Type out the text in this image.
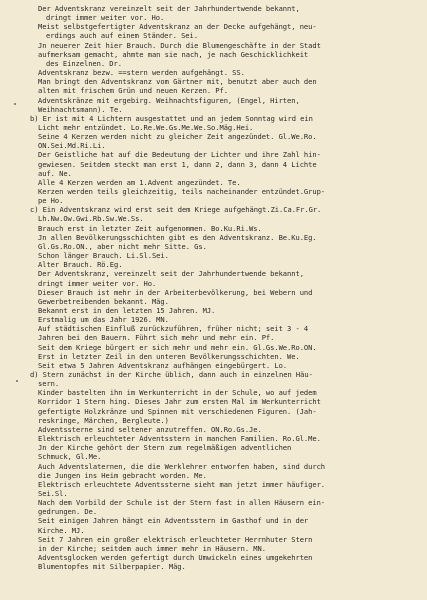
Der Adventskranz vereinzelt seit der Jahrhundertwende bekannt,
dringt immer weiter vor. Ho.
Meist selbstgefertigter Adventskranz an der Decke aufgehängt, neu-
erdings auch auf einem Ständer. Sei.
Jn neuerer Zeit hier Brauch. Durch die Blumengeschäfte in der Stadt
aufmerksam gemacht, ahmte man sie nach, je nach Geschicklichkeit
des Einzelnen. Dr.
Adventskranz bezw. ==stern werden aufgehängt. SS.
Man bringt den Adventskranz vom Gärtner mit, benutzt aber auch den
alten mit frischem Grün und neuen Kerzen. Pf.
Adventskränze mit ergebirg. Weihnachtsfiguren, (Engel, Hirten,
Weihnachtsmann). Te.
b) Er ist mit 4 Lichtern ausgestattet und an jedem Sonntag wird ein
Licht mehr entzündet. Lo.Re.We.Gs.Me.We.So.Mäg.Hei.
Seine 4 Kerzen werden nicht zu gleicher Zeit angezündet. Gl.We.Ro.
ON.Sei.Md.Ri.Li.
Der Geistliche hat auf die Bedeutung der Lichter und ihre Zahl hin-
gewiesen. Seitdem steckt man erst 1, dann 2, dann 3, dann 4 Lichte
auf. Ne.
Alle 4 Kerzen werden am 1.Advent angezündet. Te.
Kerzen werden teils gleichzeitig, teils nacheinander entzündet.Grup-
pe Ho.
c) Ein Adventskranz wird erst seit dem Kriege aufgehängt.Zi.Ca.Fr.Gr.
Lh.Nw.Ow.Gwi.Rb.Sw.We.Ss.
Brauch erst in letzter Zeit aufgenommen. Bo.Ku.Ri.Ws.
Jn allen Bevölkerungsschichten gibt es den Adventskranz. Be.Ku.Eg.
Gl.Gs.Ro.ON., aber nicht mehr Sitte. Gs.
Schon länger Brauch. Li.Sl.Sei.
Alter Brauch. Rö.Eg.
Der Adventskranz, vereinzelt seit der Jahrhundertwende bekannt,
dringt immer weiter vor. Ho.
Dieser Brauch ist mehr in der Arbeiterbevölkerung, bei Webern und
Gewerbetreibenden bekannt. Mäg.
Bekannt erst in den letzten 15 Jahren. MJ.
Erstmalig um das Jahr 1926. MN.
Auf städtischen Einfluß zurückzuführen, früher nicht; seit 3 - 4
Jahren bei den Bauern. Führt sich mehr und mehr ein. Pf.
Seit dem Kriege bürgert er sich mehr und mehr ein. Gl.Gs.We.Ro.ON.
Erst in letzter Zeil in den unteren Bevölkerungsschichten. We.
Seit etwa 5 Jahren Adventskranz aufhängen eingebürgert. Lo.
d) Stern zunächst in der Kirche üblich, dann auch in einzelnen Häu-
sern.
Kinder bastelten ihn im Werkunterricht in der Schule, wo auf jedem
Korridor 1 Stern hing. Dieses Jahr zum ersten Mal im Werkunterricht
gefertigte Holzkränze und Spinnen mit verschiedenen Figuren. (Jah-
reskringe, Märchen, Bergleute.)
Adventssterne sind seltener anzutreffen. ON.Ro.Gs.Je.
Elektrisch erleuchteter Adventsstern in manchen Familien. Ro.Gl.Me.
Jn der Kirche gehört der Stern zum regelmäßigen adventlichen
Schmuck, Gl.Me.
Auch Adventslaternen, die die Werklehrer entworfen haben, sind durch
die Jungen ins Heim gebracht worden. Me.
Elektrisch erleuchtete Adventssterne sieht man jetzt immer häufiger.
Sei.Sl.
Nach dem Vorbild der Schule ist der Stern fast in allen Häusern ein-
gedrungen. De.
Seit einigen Jahren hängt ein Adventsstern im Gasthof und in der
Kirche. MJ.
Seit 7 Jahren ein großer elektrisch erleuchteter Herrnhuter Stern
in der Kirche; seitdem auch immer mehr in Häusern. MN.
Adventsglocken werden gefertigt durch Umwickeln eines umgekehrten
Blumentopfes mit Silberpapier. Mäg.
